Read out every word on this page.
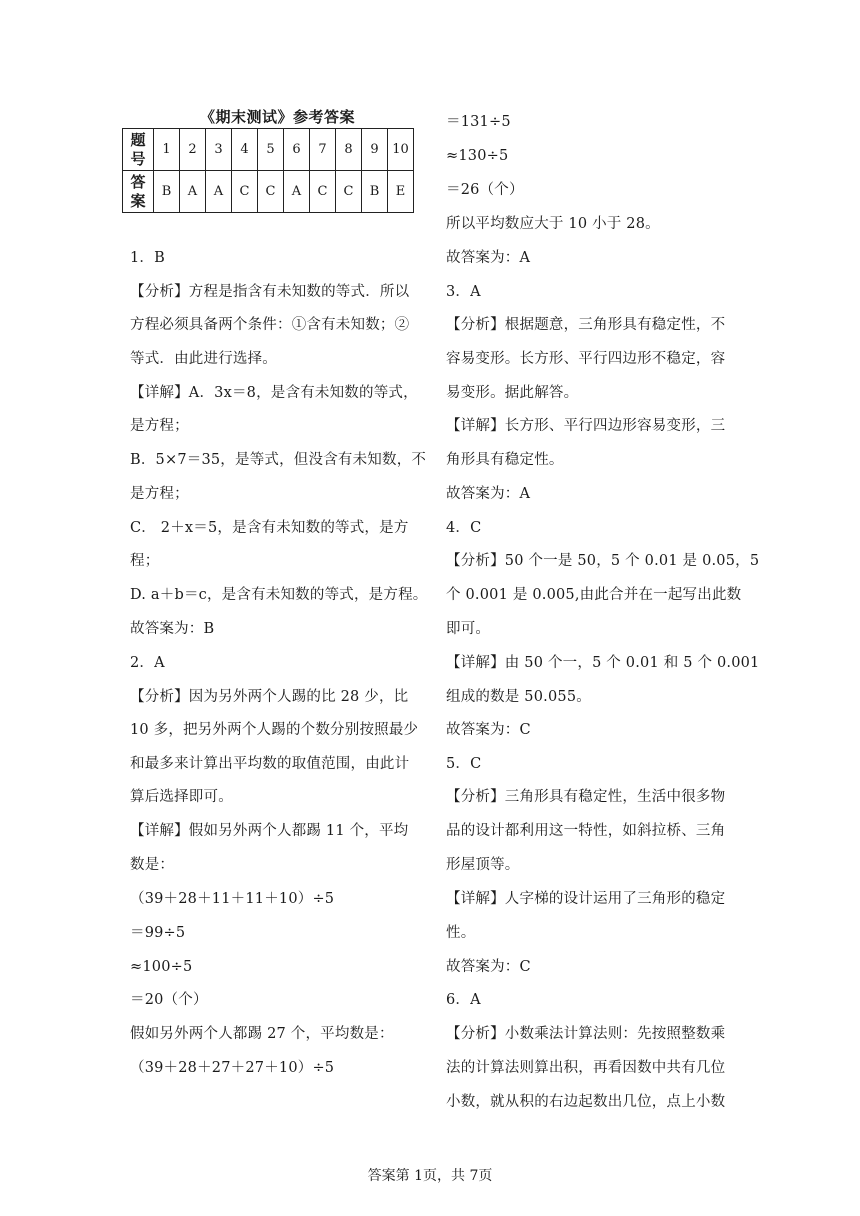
《期末测试》参考答案
题号	1	2	3	4	5	6	7	8	9	10
答案	B	A	A	C	C	A	C	C	B	E
1．B
【分析】方程是指含有未知数的等式．所以
方程必须具备两个条件：①含有未知数；②
等式．由此进行选择。
【详解】A．3x＝8，是含有未知数的等式，
是方程；
B．5×7＝35，是等式，但没含有未知数，不
是方程；
C． 2＋x＝5，是含有未知数的等式，是方
程；
D. a＋b＝c，是含有未知数的等式，是方程。
故答案为：B
2．A
【分析】因为另外两个人踢的比 28 少，比
10 多，把另外两个人踢的个数分别按照最少
和最多来计算出平均数的取值范围，由此计
算后选择即可。
【详解】假如另外两个人都踢 11 个，平均
数是：
（39＋28＋11＋11＋10）÷5
＝99÷5
≈100÷5
＝20（个）
假如另外两个人都踢 27 个，平均数是：
（39＋28＋27＋27＋10）÷5
＝131÷5
≈130÷5
＝26（个）
所以平均数应大于 10 小于 28。
故答案为：A
3．A
【分析】根据题意，三角形具有稳定性，不
容易变形。长方形、平行四边形不稳定，容
易变形。据此解答。
【详解】长方形、平行四边形容易变形，三
角形具有稳定性。
故答案为：A
4．C
【分析】50 个一是 50，5 个 0.01 是 0.05，5
个 0.001 是 0.005,由此合并在一起写出此数
即可。
【详解】由 50 个一，5 个 0.01 和 5 个 0.001
组成的数是 50.055。
故答案为：C
5．C
【分析】三角形具有稳定性，生活中很多物
品的设计都利用这一特性，如斜拉桥、三角
形屋顶等。
【详解】人字梯的设计运用了三角形的稳定
性。
故答案为：C
6．A
【分析】小数乘法计算法则：先按照整数乘
法的计算法则算出积，再看因数中共有几位
小数，就从积的右边起数出几位，点上小数
答案第 1页，共 7页
